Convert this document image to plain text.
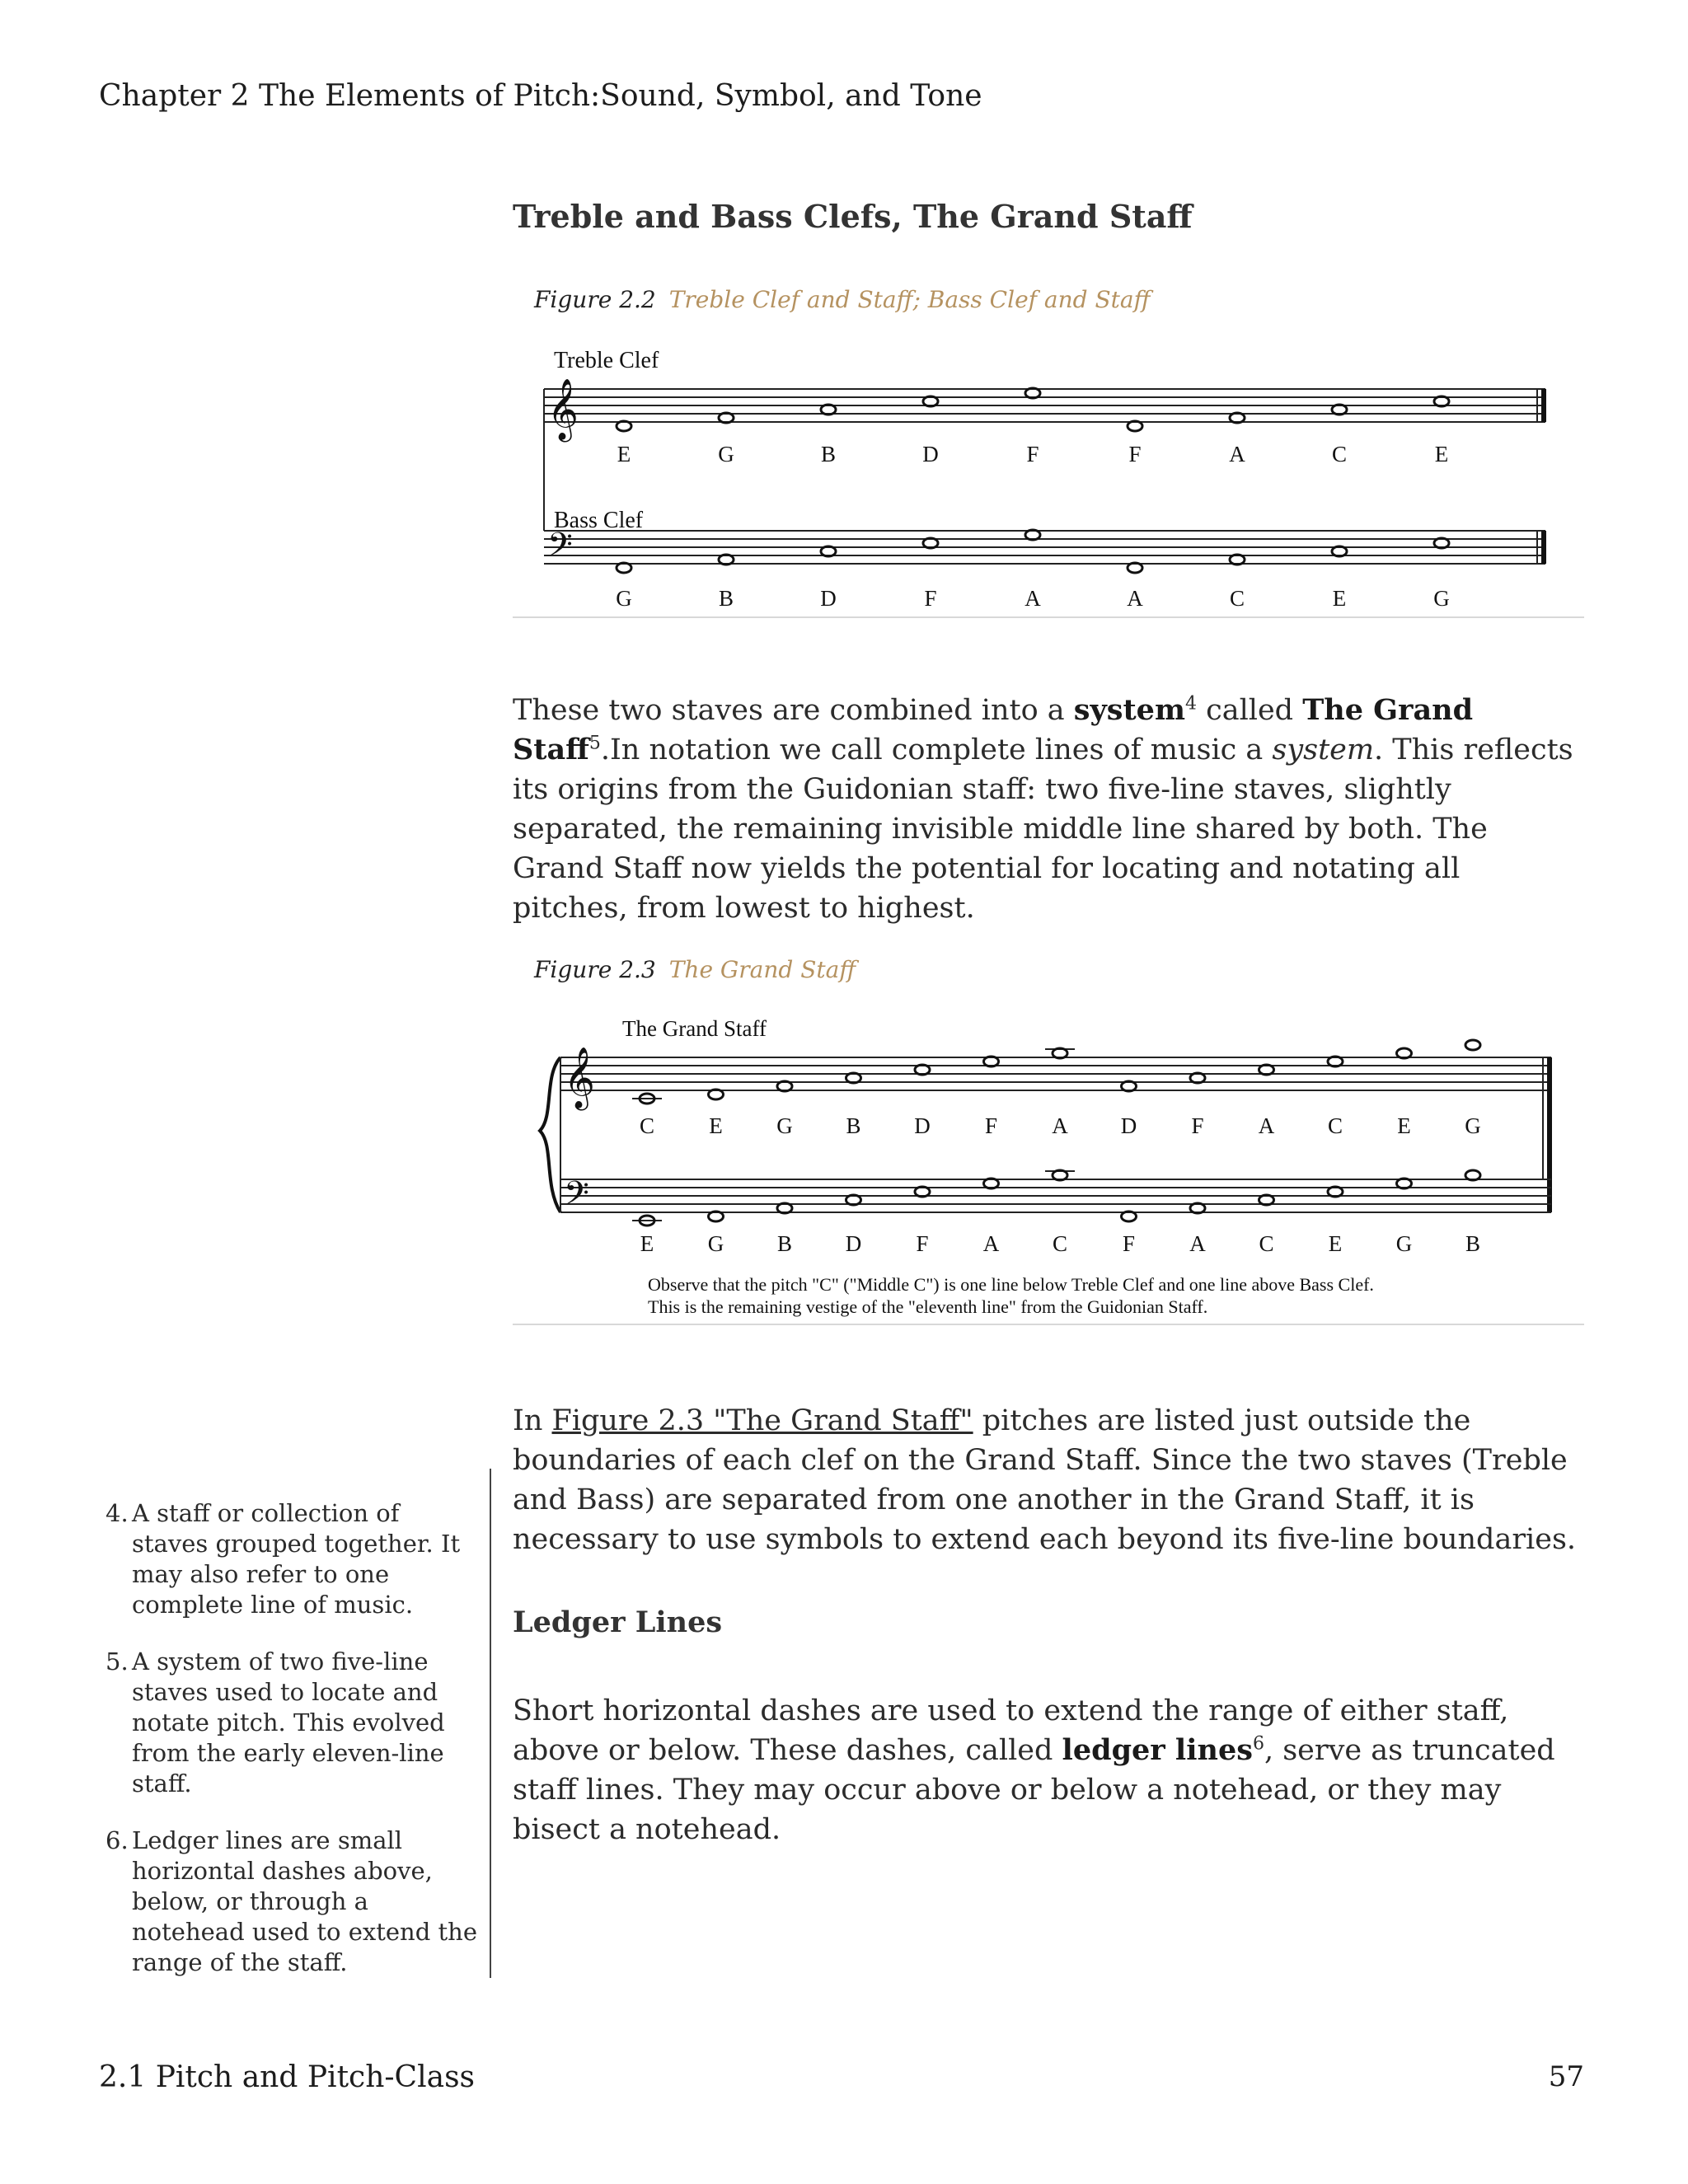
Chapter 2 The Elements of Pitch:Sound, Symbol, and Tone
Treble and Bass Clefs, The Grand Staff
Figure 2.2 Treble Clef and Staff; Bass Clef and Staff
Treble Clef
𝄞
E	G	B	D	F	F	A	C	E
Bass Clef
𝄢
G	B	D	F	A	A	C	E	G

These two staves are combined into a system$^4$ called The Grand Staff$^5$.In notation we call complete lines of music a system. This reflects its origins from the Guidonian staff: two five-line staves, slightly separated, the remaining invisible middle line shared by both. The Grand Staff now yields the potential for locating and notating all pitches, from lowest to highest.

Figure 2.3 The Grand Staff
The Grand Staff
𝄞
C E G B D F A D F A C E G
𝄢
E G B D F A C F A C E G B
Observe that the pitch "C" ("Middle C") is one line below Treble Clef and one line above Bass Clef.
This is the remaining vestige of the "eleventh line" from the Guidonian Staff.

In Figure 2.3 "The Grand Staff" pitches are listed just outside the boundaries of each clef on the Grand Staff. Since the two staves (Treble and Bass) are separated from one another in the Grand Staff, it is necessary to use symbols to extend each beyond its five-line boundaries.

Ledger Lines

Short horizontal dashes are used to extend the range of either staff, above or below. These dashes, called ledger lines$^6$, serve as truncated staff lines. They may occur above or below a notehead, or they may bisect a notehead.

4. A staff or collection of staves grouped together. It may also refer to one complete line of music.
5. A system of two five-line staves used to locate and notate pitch. This evolved from the early eleven-line staff.
6. Ledger lines are small horizontal dashes above, below, or through a notehead used to extend the range of the staff.
2.1 Pitch and Pitch-Class	57
